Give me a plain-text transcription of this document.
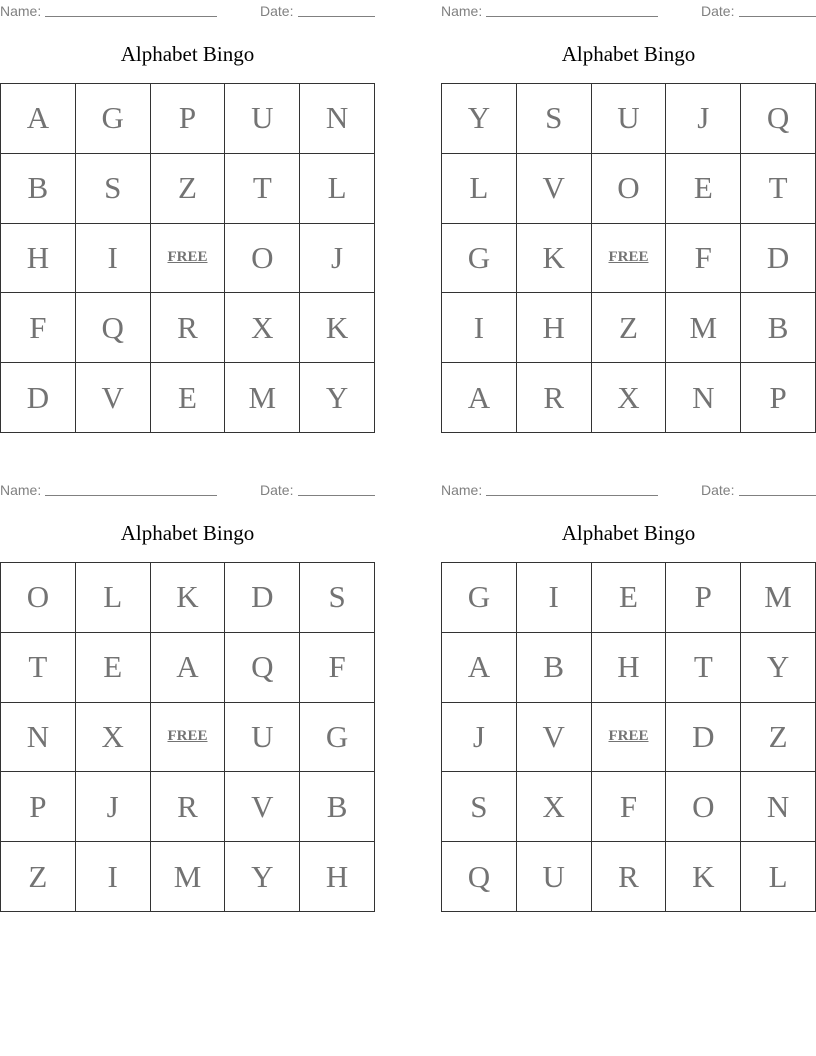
Name:	Date:
Alphabet Bingo
A	G	P	U	N
B	S	Z	T	L
H	I	FREE	O	J
F	Q	R	X	K
D	V	E	M	Y
Name:	Date:
Alphabet Bingo
Y	S	U	J	Q
L	V	O	E	T
G	K	FREE	F	D
I	H	Z	M	B
A	R	X	N	P
Name:	Date:
Alphabet Bingo
O	L	K	D	S
T	E	A	Q	F
N	X	FREE	U	G
P	J	R	V	B
Z	I	M	Y	H
Name:	Date:
Alphabet Bingo
G	I	E	P	M
A	B	H	T	Y
J	V	FREE	D	Z
S	X	F	O	N
Q	U	R	K	L
